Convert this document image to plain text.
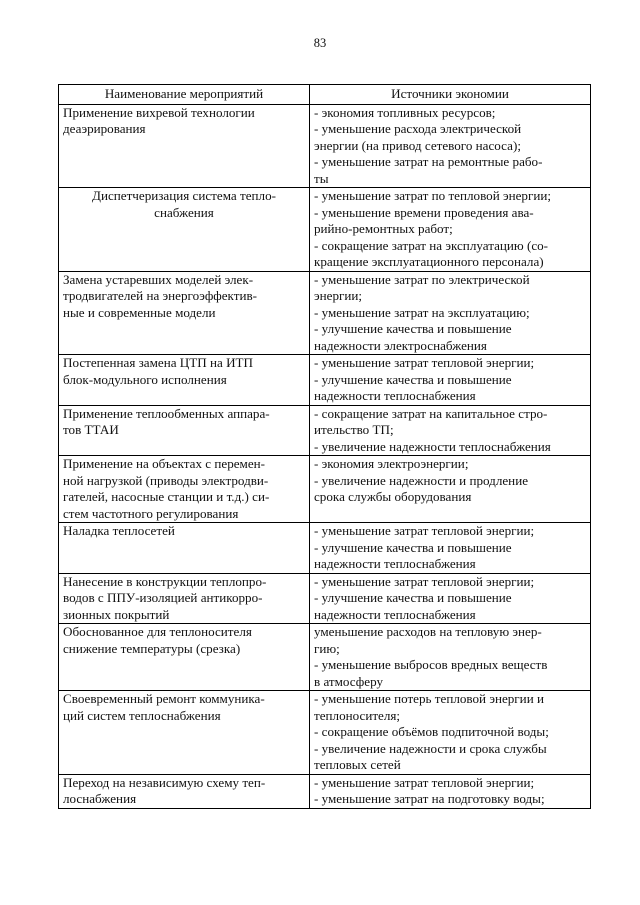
83
Наименование мероприятий	Источники экономии
Применение вихревой технологии
деаэрирования	- экономия топливных ресурсов;
- уменьшение расхода электрической
энергии (на привод сетевого насоса);
- уменьшение затрат на ремонтные рабо-
ты

Диспетчеризация система тепло-
снабжения	- уменьшение затрат по тепловой энергии;
- уменьшение времени проведения ава-
рийно-ремонтных работ;
- сокращение затрат на эксплуатацию (со-
кращение эксплуатационного персонала)

Замена устаревших моделей элек-
тродвигателей на энергоэффектив-
ные и современные модели	- уменьшение затрат по электрической
энергии;
- уменьшение затрат на эксплуатацию;
- улучшение качества и повышение
надежности электроснабжения

Постепенная замена ЦТП на ИТП
блок-модульного исполнения	- уменьшение затрат тепловой энергии;
- улучшение качества и повышение
надежности теплоснабжения

Применение теплообменных аппара-
тов ТТАИ	- сокращение затрат на капитальное стро-
ительство ТП;
- увеличение надежности теплоснабжения

Применение на объектах с перемен-
ной нагрузкой (приводы электродви-
гателей, насосные станции и т.д.) си-
стем частотного регулирования	- экономия электроэнергии;
- увеличение надежности и продление
срока службы оборудования

Наладка теплосетей	- уменьшение затрат тепловой энергии;
- улучшение качества и повышение
надежности теплоснабжения

Нанесение в конструкции теплопро-
водов с ППУ-изоляцией антикорро-
зионных покрытий	- уменьшение затрат тепловой энергии;
- улучшение качества и повышение
надежности теплоснабжения

Обоснованное для теплоносителя
снижение температуры (срезка)	уменьшение расходов на тепловую энер-
гию;
- уменьшение выбросов вредных веществ
в атмосферу

Своевременный ремонт коммуника-
ций систем теплоснабжения	- уменьшение потерь тепловой энергии и
теплоносителя;
- сокращение объёмов подпиточной воды;
- увеличение надежности и срока службы
тепловых сетей

Переход на независимую схему теп-
лоснабжения	- уменьшение затрат тепловой энергии;
- уменьшение затрат на подготовку воды;
